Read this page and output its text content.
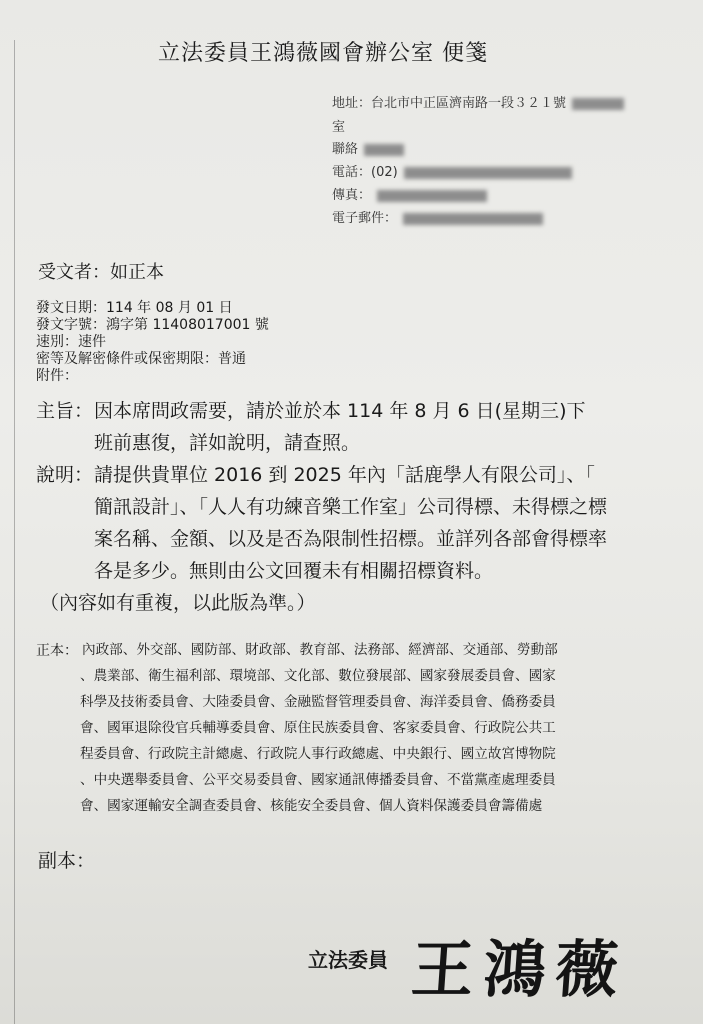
立法委員王鴻薇國會辦公室 便箋
地址：台北市中正區濟南路一段３２１號
室
聯絡
電話：(02)
傳真：
電子郵件：
受文者：如正本
發文日期：114 年 08 月 01 日
發文字號：鴻字第 11408017001 號
速別：速件
密等及解密條件或保密期限：普通
附件：
主旨： 因本席問政需要，請於並於本 114 年 8 月 6 日(星期三)下
班前惠復，詳如說明，請查照。
說明： 請提供貴單位 2016 到 2025 年內「話鹿學人有限公司」、「
簡訊設計」、「人人有功練音樂工作室」公司得標、未得標之標
案名稱、金額、以及是否為限制性招標。並詳列各部會得標率
各是多少。無則由公文回覆未有相關招標資料。
（內容如有重複，以此版為準。）
正本： 內政部、外交部、國防部、財政部、教育部、法務部、經濟部、交通部、勞動部
、農業部、衛生福利部、環境部、文化部、數位發展部、國家發展委員會、國家
科學及技術委員會、大陸委員會、金融監督管理委員會、海洋委員會、僑務委員
會、國軍退除役官兵輔導委員會、原住民族委員會、客家委員會、行政院公共工
程委員會、行政院主計總處、行政院人事行政總處、中央銀行、國立故宮博物院
、中央選舉委員會、公平交易委員會、國家通訊傳播委員會、不當黨產處理委員
會、國家運輸安全調查委員會、核能安全委員會、個人資料保護委員會籌備處
副本：
立法委員 王鴻薇
